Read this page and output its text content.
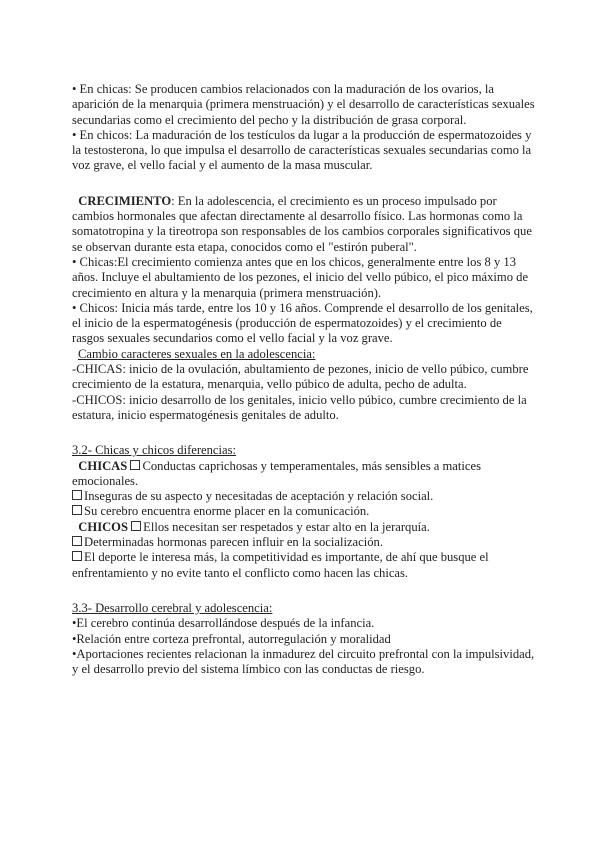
• En chicas: Se producen cambios relacionados con la maduración de los ovarios, la aparición de la menarquia (primera menstruación) y el desarrollo de características sexuales secundarias como el crecimiento del pecho y la distribución de grasa corporal.

• En chicos: La maduración de los testículos da lugar a la producción de espermatozoides y la testosterona, lo que impulsa el desarrollo de características sexuales secundarias como la voz grave, el vello facial y el aumento de la masa muscular.

CRECIMIENTO: En la adolescencia, el crecimiento es un proceso impulsado por cambios hormonales que afectan directamente al desarrollo físico. Las hormonas como la somatotropina y la tireotropa son responsables de los cambios corporales significativos que se observan durante esta etapa, conocidos como el "estirón puberal".

• Chicas:El crecimiento comienza antes que en los chicos, generalmente entre los 8 y 13 años. Incluye el abultamiento de los pezones, el inicio del vello púbico, el pico máximo de crecimiento en altura y la menarquia (primera menstruación).

• Chicos: Inicia más tarde, entre los 10 y 16 años. Comprende el desarrollo de los genitales, el inicio de la espermatogénesis (producción de espermatozoides) y el crecimiento de rasgos sexuales secundarios como el vello facial y la voz grave.

Cambio caracteres sexuales en la adolescencia:

-CHICAS: inicio de la ovulación, abultamiento de pezones, inicio de vello púbico, cumbre crecimiento de la estatura, menarquia, vello púbico de adulta, pecho de adulta.

-CHICOS: inicio desarrollo de los genitales, inicio vello púbico, cumbre crecimiento de la estatura, inicio espermatogénesis genitales de adulto.

3.2- Chicas y chicos diferencias:

CHICAS Conductas caprichosas y temperamentales, más sensibles a matices emocionales.

Inseguras de su aspecto y necesitadas de aceptación y relación social.

Su cerebro encuentra enorme placer en la comunicación.

CHICOS Ellos necesitan ser respetados y estar alto en la jerarquía.

Determinadas hormonas parecen influir en la socialización.

El deporte le interesa más, la competitividad es importante, de ahí que busque el enfrentamiento y no evite tanto el conflicto como hacen las chicas.

3.3- Desarrollo cerebral y adolescencia:

•El cerebro continúa desarrollándose después de la infancia.

•Relación entre corteza prefrontal, autorregulación y moralidad

•Aportaciones recientes relacionan la inmadurez del circuito prefrontal con la impulsividad, y el desarrollo previo del sistema límbico con las conductas de riesgo.
